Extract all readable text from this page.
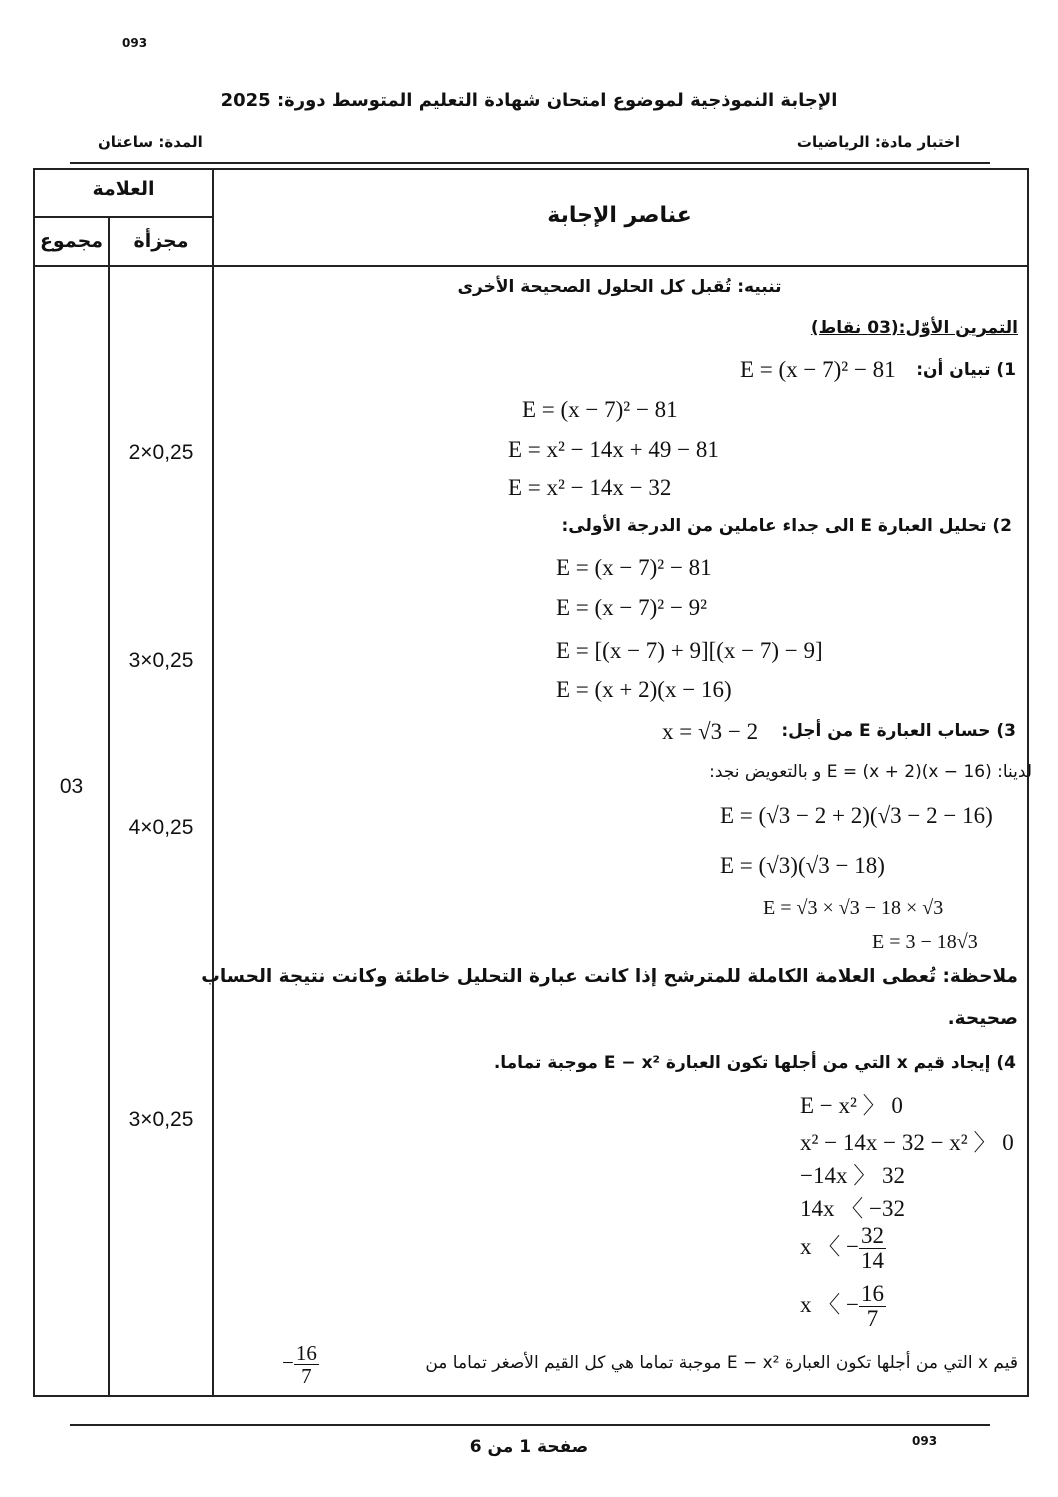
093
الإجابة النموذجية لموضوع امتحان شهادة التعليم المتوسط دورة: 2025
اختبار مادة: الرياضيات
المدة: ساعتان
العلامة
مجموع	مجزأة
عناصر الإجابة
03
2×0,25
3×0,25
4×0,25
3×0,25
تنبيه: تُقبل كل الحلول الصحيحة الأخرى
التمرين الأوّل:(03 نقاط)
1) تبيان أن:
E = (x − 7)² − 81
E = (x − 7)² − 81
E = x² − 14x + 49 − 81
E = x² − 14x − 32
2) تحليل العبارة E الى جداء عاملين من الدرجة الأولى:
E = (x − 7)² − 81
E = (x − 7)² − 9²
E = [(x − 7) + 9][(x − 7) − 9]
E = (x + 2)(x − 16)
3) حساب العبارة E من أجل:
x = √3 − 2
لدينا: E = (x + 2)(x − 16) و بالتعويض نجد:
E = (√3 − 2 + 2)(√3 − 2 − 16)
E = (√3)(√3 − 18)
E = √3 × √3 − 18 × √3
E = 3 − 18√3
ملاحظة: تُعطى العلامة الكاملة للمترشح إذا كانت عبارة التحليل خاطئة وكانت نتيجة الحساب
صحيحة.
4) إيجاد قيم x التي من أجلها تكون العبارة E − x² موجبة تماما.
E − x² 〉 0
x² − 14x − 32 − x² 〉 0
−14x 〉 32
14x 〈 −32
x 〈 − $\frac{32}{14}$
x 〈 − $\frac{16}{7}$
قيم x التي من أجلها تكون العبارة E − x² موجبة تماما هي كل القيم الأصغر تماما من
− $\frac{16}{7}$
صفحة 1 من 6	093
